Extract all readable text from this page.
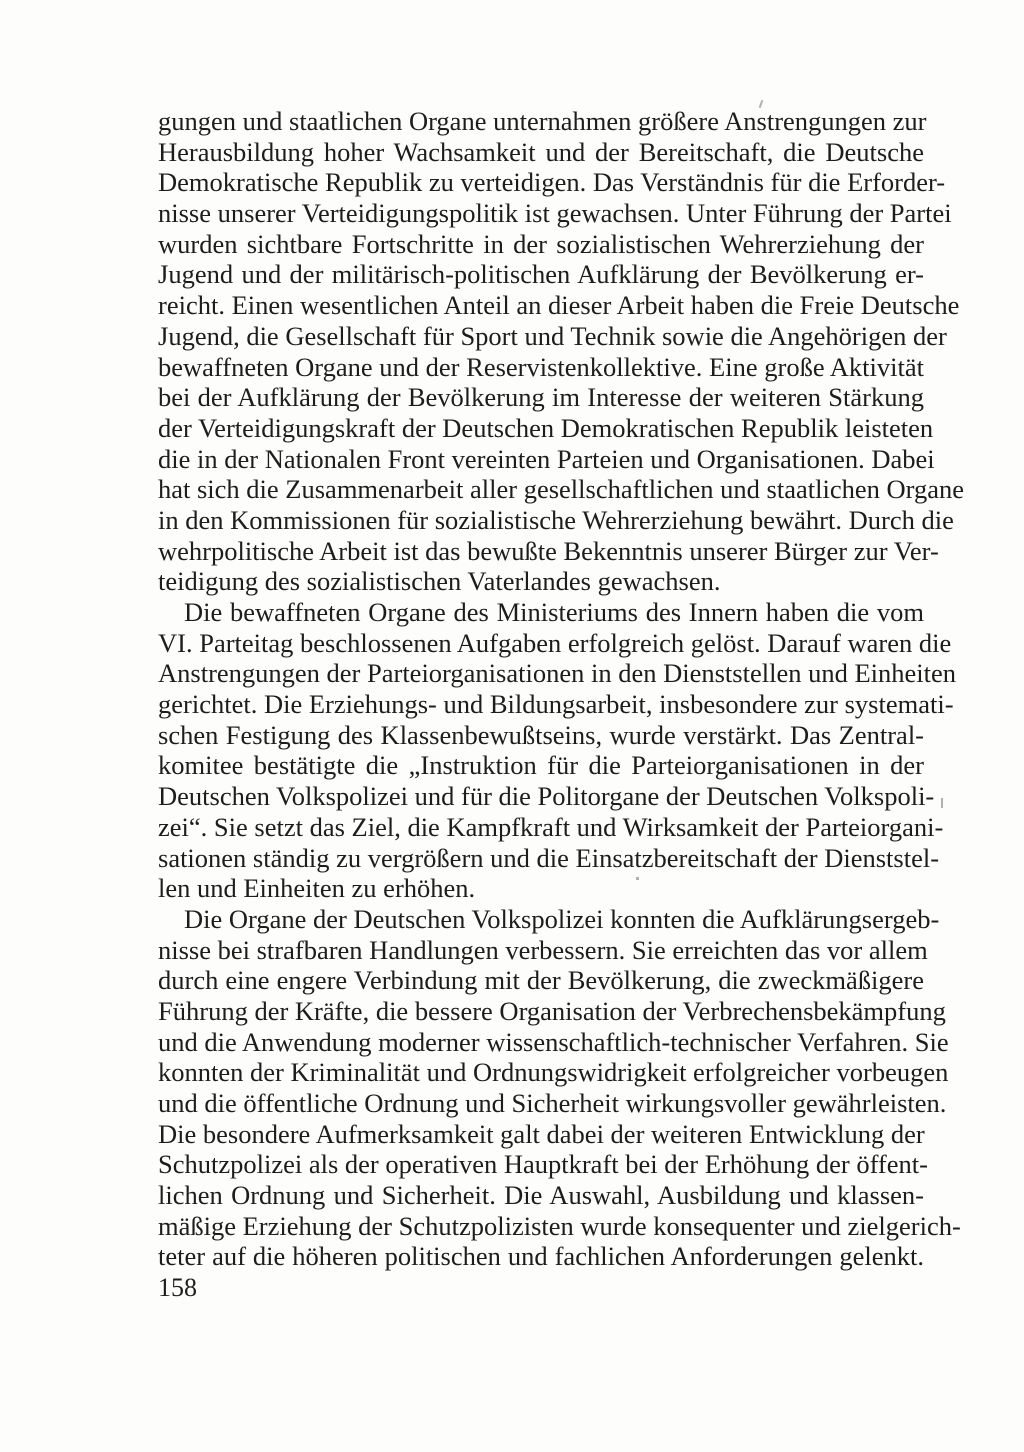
gungen und staatlichen Organe unternahmen größere Anstrengungen zur
Herausbildung hoher Wachsamkeit und der Bereitschaft, die Deutsche
Demokratische Republik zu verteidigen. Das Verständnis für die Erforder-
nisse unserer Verteidigungspolitik ist gewachsen. Unter Führung der Partei
wurden sichtbare Fortschritte in der sozialistischen Wehrerziehung der
Jugend und der militärisch-politischen Aufklärung der Bevölkerung er-
reicht. Einen wesentlichen Anteil an dieser Arbeit haben die Freie Deutsche
Jugend, die Gesellschaft für Sport und Technik sowie die Angehörigen der
bewaffneten Organe und der Reservistenkollektive. Eine große Aktivität
bei der Aufklärung der Bevölkerung im Interesse der weiteren Stärkung
der Verteidigungskraft der Deutschen Demokratischen Republik leisteten
die in der Nationalen Front vereinten Parteien und Organisationen. Dabei
hat sich die Zusammenarbeit aller gesellschaftlichen und staatlichen Organe
in den Kommissionen für sozialistische Wehrerziehung bewährt. Durch die
wehrpolitische Arbeit ist das bewußte Bekenntnis unserer Bürger zur Ver-
teidigung des sozialistischen Vaterlandes gewachsen.
Die bewaffneten Organe des Ministeriums des Innern haben die vom
VI. Parteitag beschlossenen Aufgaben erfolgreich gelöst. Darauf waren die
Anstrengungen der Parteiorganisationen in den Dienststellen und Einheiten
gerichtet. Die Erziehungs- und Bildungsarbeit, insbesondere zur systemati-
schen Festigung des Klassenbewußtseins, wurde verstärkt. Das Zentral-
komitee bestätigte die „Instruktion für die Parteiorganisationen in der
Deutschen Volkspolizei und für die Politorgane der Deutschen Volkspoli-
zei“. Sie setzt das Ziel, die Kampfkraft und Wirksamkeit der Parteiorgani-
sationen ständig zu vergrößern und die Einsatzbereitschaft der Dienststel-
len und Einheiten zu erhöhen.
Die Organe der Deutschen Volkspolizei konnten die Aufklärungsergeb-
nisse bei strafbaren Handlungen verbessern. Sie erreichten das vor allem
durch eine engere Verbindung mit der Bevölkerung, die zweckmäßigere
Führung der Kräfte, die bessere Organisation der Verbrechensbekämpfung
und die Anwendung moderner wissenschaftlich-technischer Verfahren. Sie
konnten der Kriminalität und Ordnungswidrigkeit erfolgreicher vorbeugen
und die öffentliche Ordnung und Sicherheit wirkungsvoller gewährleisten.
Die besondere Aufmerksamkeit galt dabei der weiteren Entwicklung der
Schutzpolizei als der operativen Hauptkraft bei der Erhöhung der öffent-
lichen Ordnung und Sicherheit. Die Auswahl, Ausbildung und klassen-
mäßige Erziehung der Schutzpolizisten wurde konsequenter und zielgerich-
teter auf die höheren politischen und fachlichen Anforderungen gelenkt.
158
